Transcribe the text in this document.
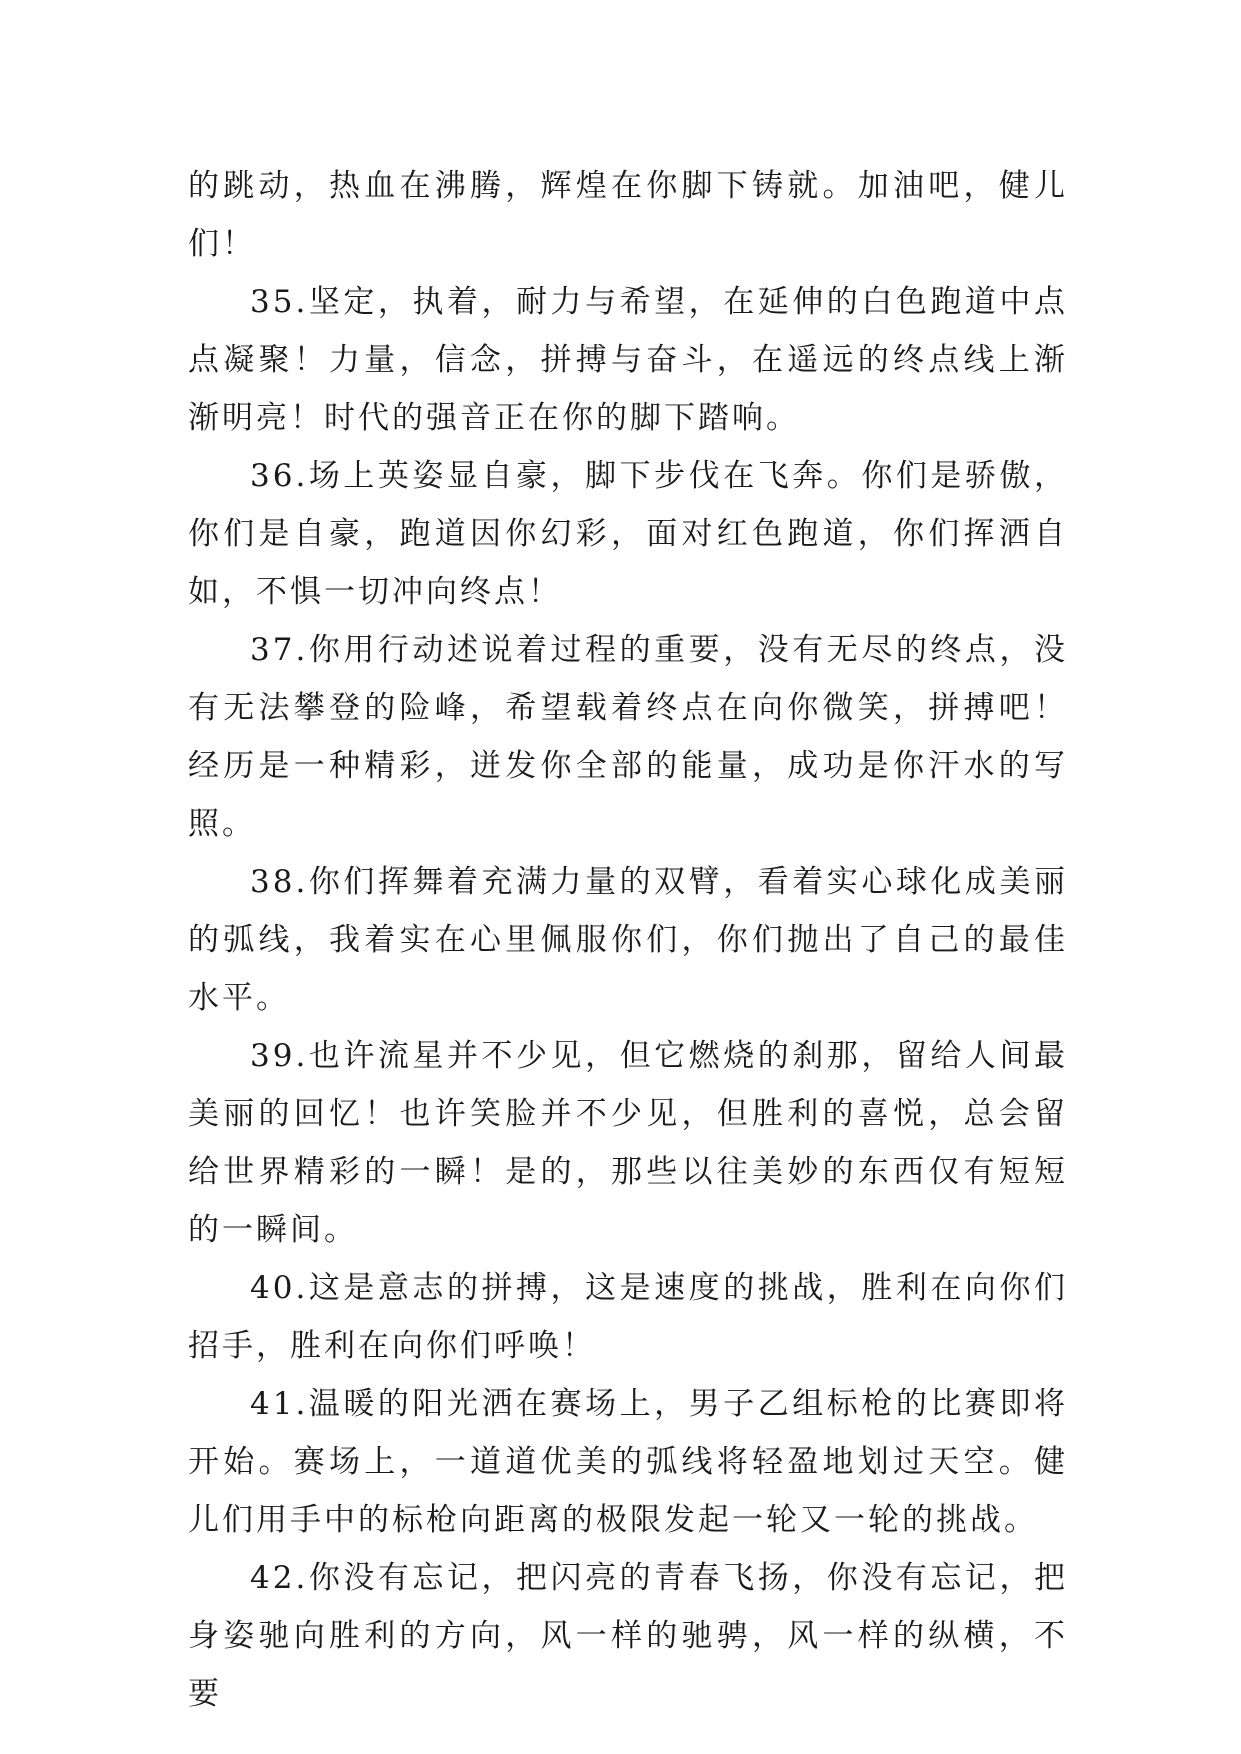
的跳动，热血在沸腾，辉煌在你脚下铸就。加油吧，健儿们！

35.坚定，执着，耐力与希望，在延伸的白色跑道中点点凝聚！力量，信念，拼搏与奋斗，在遥远的终点线上渐渐明亮！时代的强音正在你的脚下踏响。

36.场上英姿显自豪，脚下步伐在飞奔。你们是骄傲，你们是自豪，跑道因你幻彩，面对红色跑道，你们挥洒自如，不惧一切冲向终点！

37.你用行动述说着过程的重要，没有无尽的终点，没有无法攀登的险峰，希望载着终点在向你微笑，拼搏吧！经历是一种精彩，迸发你全部的能量，成功是你汗水的写照。

38.你们挥舞着充满力量的双臂，看着实心球化成美丽的弧线，我着实在心里佩服你们，你们抛出了自己的最佳水平。

39.也许流星并不少见，但它燃烧的刹那，留给人间最美丽的回忆！也许笑脸并不少见，但胜利的喜悦，总会留给世界精彩的一瞬！是的，那些以往美妙的东西仅有短短的一瞬间。

40.这是意志的拼搏，这是速度的挑战，胜利在向你们招手，胜利在向你们呼唤！

41.温暖的阳光洒在赛场上，男子乙组标枪的比赛即将开始。赛场上，一道道优美的弧线将轻盈地划过天空。健儿们用手中的标枪向距离的极限发起一轮又一轮的挑战。

42.你没有忘记，把闪亮的青春飞扬，你没有忘记，把身姿驰向胜利的方向，风一样的驰骋，风一样的纵横，不要
